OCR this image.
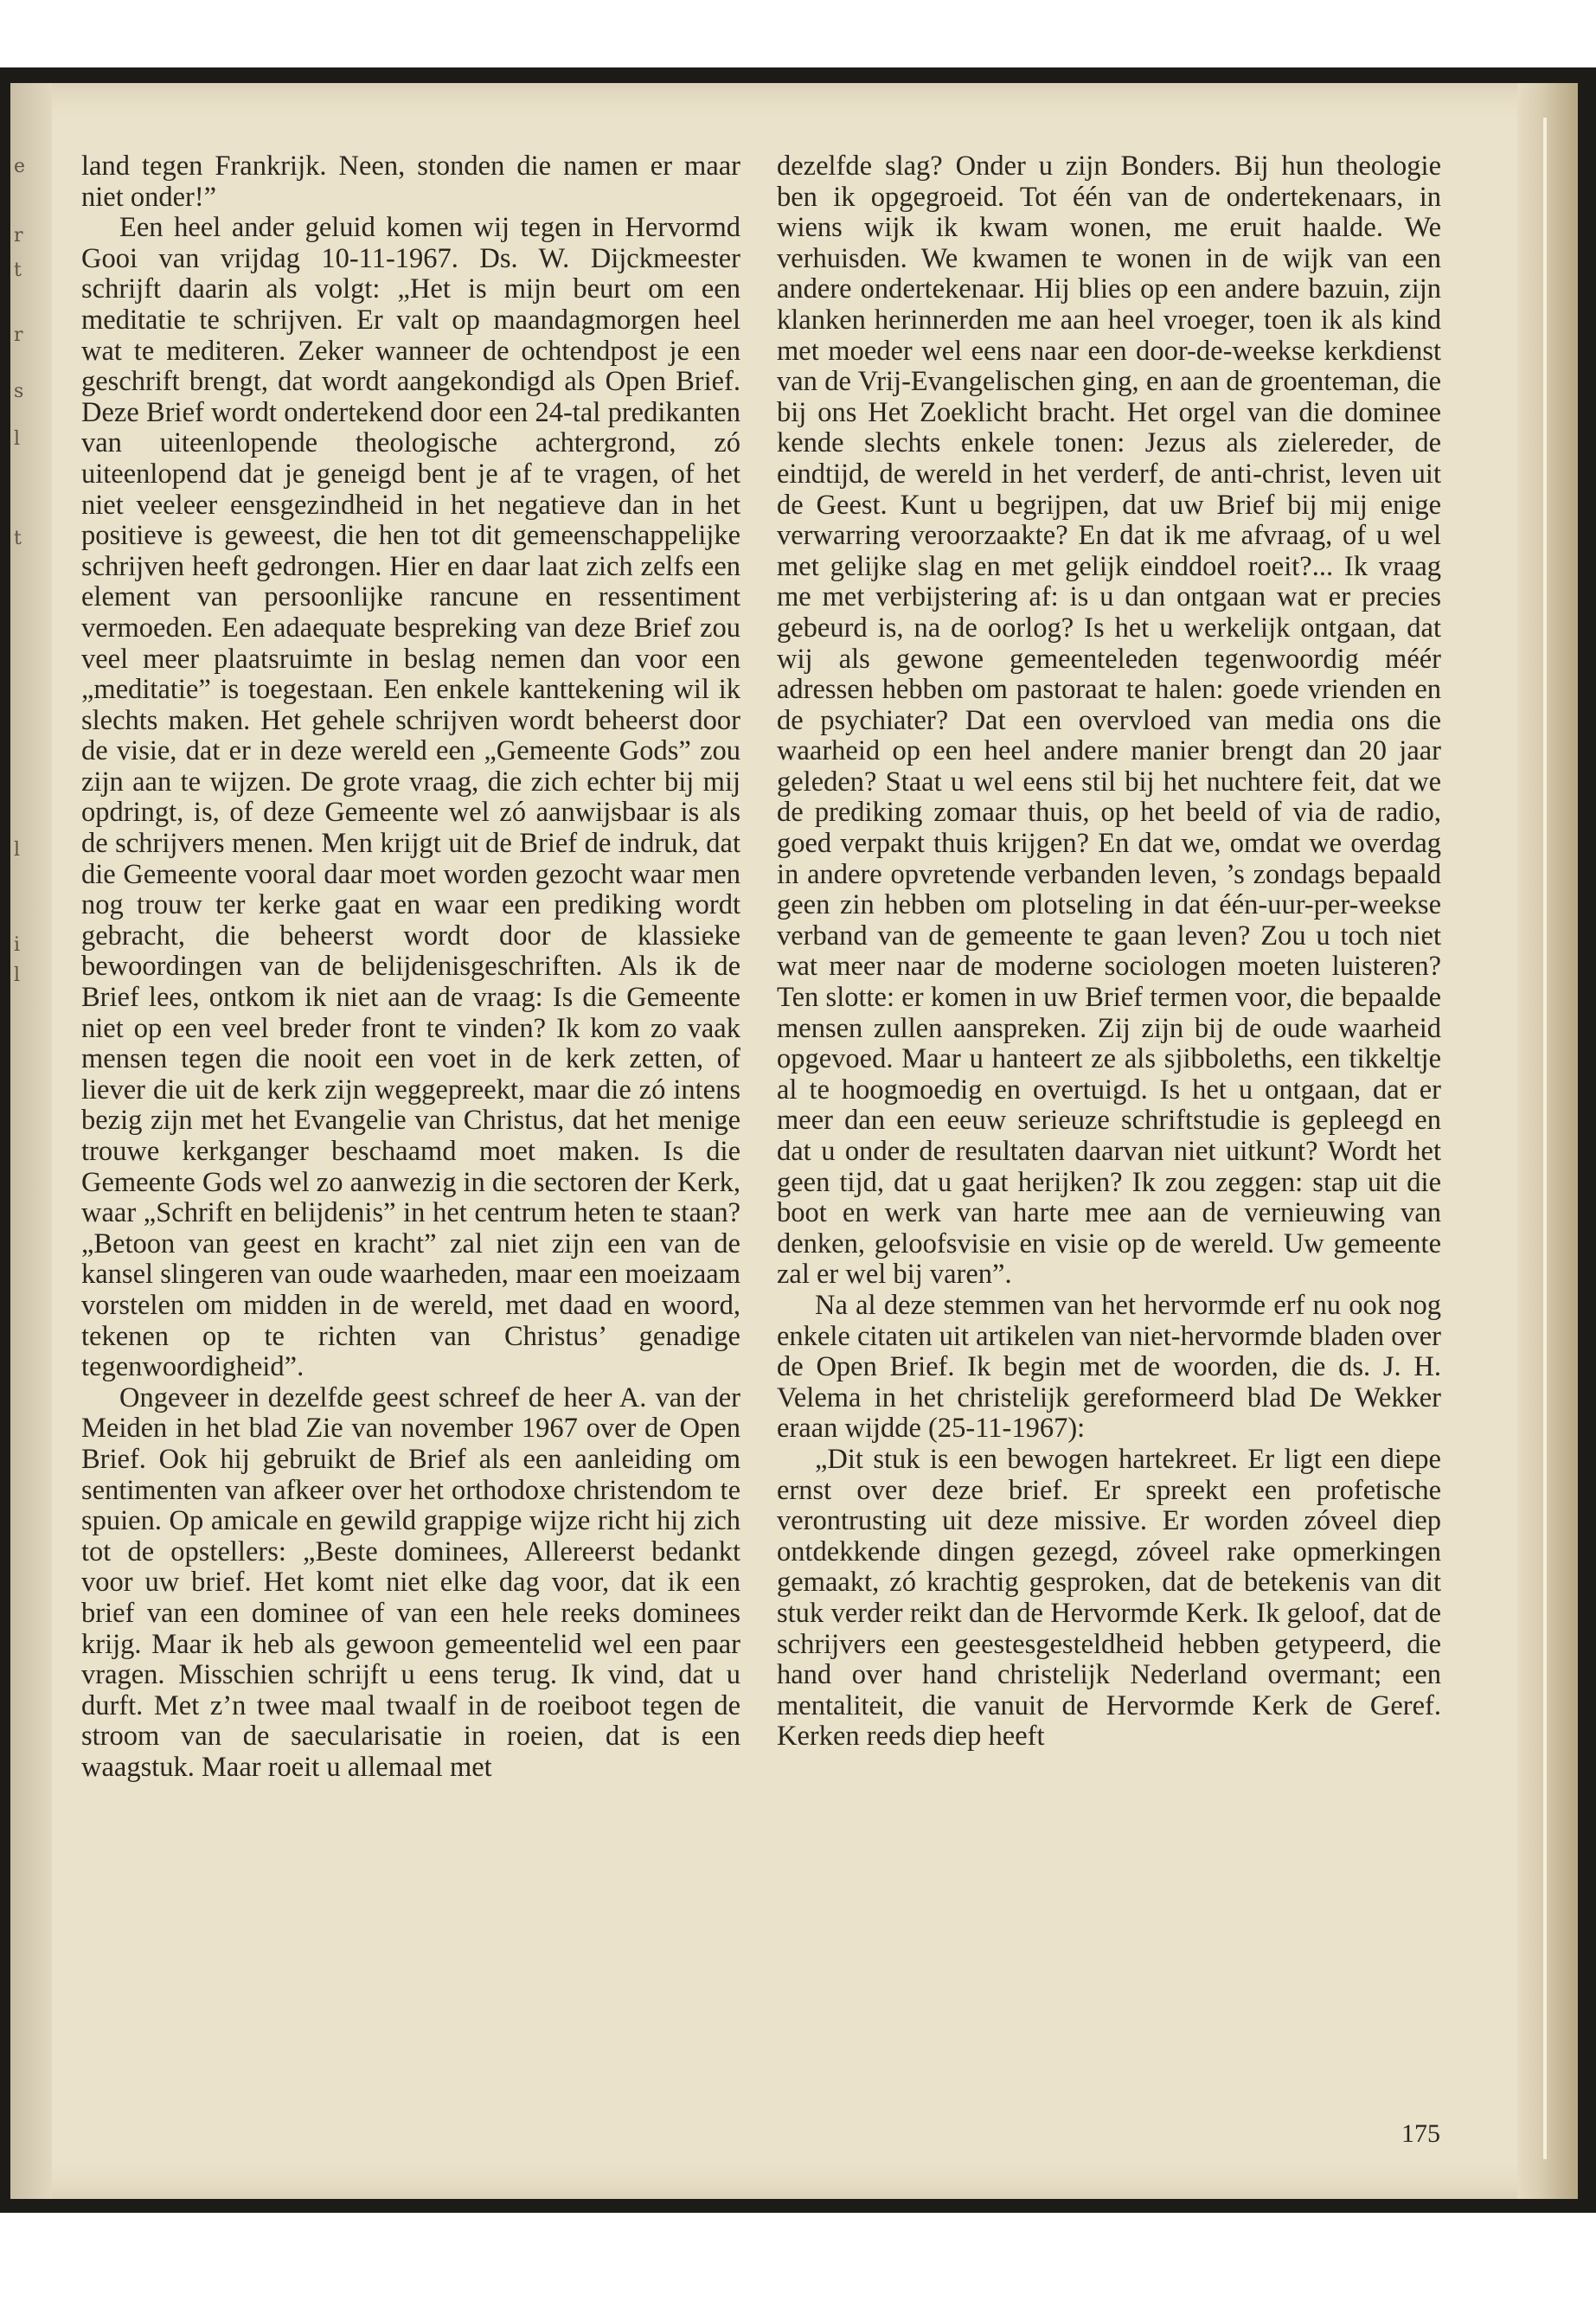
e
r
t
r
s
l
t
l
i
l

land tegen Frankrijk. Neen, stonden die namen er maar niet onder!”

Een heel ander geluid komen wij tegen in Hervormd Gooi van vrijdag 10-11-1967. Ds. W. Dijckmeester schrijft daarin als volgt: „Het is mijn beurt om een meditatie te schrijven. Er valt op maandagmorgen heel wat te mediteren. Zeker wanneer de ochtendpost je een geschrift brengt, dat wordt aangekondigd als Open Brief. Deze Brief wordt ondertekend door een 24-tal predikanten van uiteenlopende theologische achtergrond, zó uiteenlopend dat je geneigd bent je af te vragen, of het niet veeleer eensgezindheid in het negatieve dan in het positieve is geweest, die hen tot dit gemeenschappelijke schrijven heeft gedrongen. Hier en daar laat zich zelfs een element van persoonlijke rancune en ressentiment vermoeden. Een adaequate bespreking van deze Brief zou veel meer plaatsruimte in beslag nemen dan voor een „meditatie” is toegestaan. Een enkele kanttekening wil ik slechts maken. Het gehele schrijven wordt beheerst door de visie, dat er in deze wereld een „Gemeente Gods” zou zijn aan te wijzen. De grote vraag, die zich echter bij mij opdringt, is, of deze Gemeente wel zó aanwijsbaar is als de schrijvers menen. Men krijgt uit de Brief de indruk, dat die Gemeente vooral daar moet worden gezocht waar men nog trouw ter kerke gaat en waar een prediking wordt gebracht, die beheerst wordt door de klassieke bewoordingen van de belijdenisgeschriften. Als ik de Brief lees, ontkom ik niet aan de vraag: Is die Gemeente niet op een veel breder front te vinden? Ik kom zo vaak mensen tegen die nooit een voet in de kerk zetten, of liever die uit de kerk zijn weggepreekt, maar die zó intens bezig zijn met het Evangelie van Christus, dat het menige trouwe kerkganger beschaamd moet maken. Is die Gemeente Gods wel zo aanwezig in die sectoren der Kerk, waar „Schrift en belijdenis” in het centrum heten te staan? „Betoon van geest en kracht” zal niet zijn een van de kansel slingeren van oude waarheden, maar een moeizaam vorstelen om midden in de wereld, met daad en woord, tekenen op te richten van Christus’ genadige tegenwoordigheid”.

Ongeveer in dezelfde geest schreef de heer A. van der Meiden in het blad Zie van november 1967 over de Open Brief. Ook hij gebruikt de Brief als een aanleiding om sentimenten van afkeer over het orthodoxe christendom te spuien. Op amicale en gewild grappige wijze richt hij zich tot de opstellers: „Beste dominees, Allereerst bedankt voor uw brief. Het komt niet elke dag voor, dat ik een brief van een dominee of van een hele reeks dominees krijg. Maar ik heb als gewoon gemeentelid wel een paar vragen. Misschien schrijft u eens terug. Ik vind, dat u durft. Met z’n twee maal twaalf in de roeiboot tegen de stroom van de saecularisatie in roeien, dat is een waagstuk. Maar roeit u allemaal met

dezelfde slag? Onder u zijn Bonders. Bij hun theologie ben ik opgegroeid. Tot één van de ondertekenaars, in wiens wijk ik kwam wonen, me eruit haalde. We verhuisden. We kwamen te wonen in de wijk van een andere ondertekenaar. Hij blies op een andere bazuin, zijn klanken herinnerden me aan heel vroeger, toen ik als kind met moeder wel eens naar een door-de-weekse kerkdienst van de Vrij-Evangelischen ging, en aan de groenteman, die bij ons Het Zoeklicht bracht. Het orgel van die dominee kende slechts enkele tonen: Jezus als zielereder, de eindtijd, de wereld in het verderf, de anti-christ, leven uit de Geest. Kunt u begrijpen, dat uw Brief bij mij enige verwarring veroorzaakte? En dat ik me afvraag, of u wel met gelijke slag en met gelijk einddoel roeit?... Ik vraag me met verbijstering af: is u dan ontgaan wat er precies gebeurd is, na de oorlog? Is het u werkelijk ontgaan, dat wij als gewone gemeenteleden tegenwoordig méér adressen hebben om pastoraat te halen: goede vrienden en de psychiater? Dat een overvloed van media ons die waarheid op een heel andere manier brengt dan 20 jaar geleden? Staat u wel eens stil bij het nuchtere feit, dat we de prediking zomaar thuis, op het beeld of via de radio, goed verpakt thuis krijgen? En dat we, omdat we overdag in andere opvretende verbanden leven, ’s zondags bepaald geen zin hebben om plotseling in dat één-uur-per-weekse verband van de gemeente te gaan leven? Zou u toch niet wat meer naar de moderne sociologen moeten luisteren? Ten slotte: er komen in uw Brief termen voor, die bepaalde mensen zullen aanspreken. Zij zijn bij de oude waarheid opgevoed. Maar u hanteert ze als sjibboleths, een tikkeltje al te hoogmoedig en overtuigd. Is het u ontgaan, dat er meer dan een eeuw serieuze schriftstudie is gepleegd en dat u onder de resultaten daarvan niet uitkunt? Wordt het geen tijd, dat u gaat herijken? Ik zou zeggen: stap uit die boot en werk van harte mee aan de vernieuwing van denken, geloofsvisie en visie op de wereld. Uw gemeente zal er wel bij varen”.

Na al deze stemmen van het hervormde erf nu ook nog enkele citaten uit artikelen van niet-hervormde bladen over de Open Brief. Ik begin met de woorden, die ds. J. H. Velema in het christelijk gereformeerd blad De Wekker eraan wijdde (25-11-1967):

„Dit stuk is een bewogen hartekreet. Er ligt een diepe ernst over deze brief. Er spreekt een profetische verontrusting uit deze missive. Er worden zóveel diep ontdekkende dingen gezegd, zóveel rake opmerkingen gemaakt, zó krachtig gesproken, dat de betekenis van dit stuk verder reikt dan de Hervormde Kerk. Ik geloof, dat de schrijvers een geestesgesteldheid hebben getypeerd, die hand over hand christelijk Nederland overmant; een mentaliteit, die vanuit de Hervormde Kerk de Geref. Kerken reeds diep heeft

175
